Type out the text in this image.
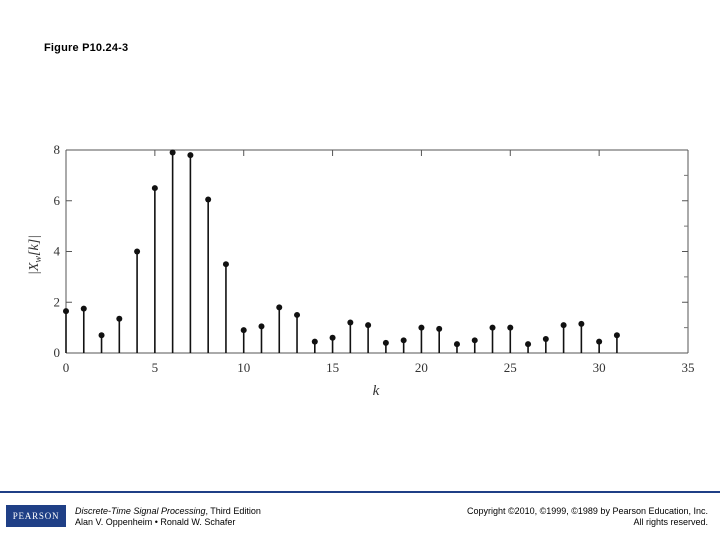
Figure P10.24-3
0	5	10	15	20	25	30	35
0
2
4
6
8
k
$|X_w[k]|$
PEARSON	Discrete-Time Signal Processing, Third Edition
Alan V. Oppenheim • Ronald W. Schafer
Copyright ©2010, ©1999, ©1989 by Pearson Education, Inc.
All rights reserved.
